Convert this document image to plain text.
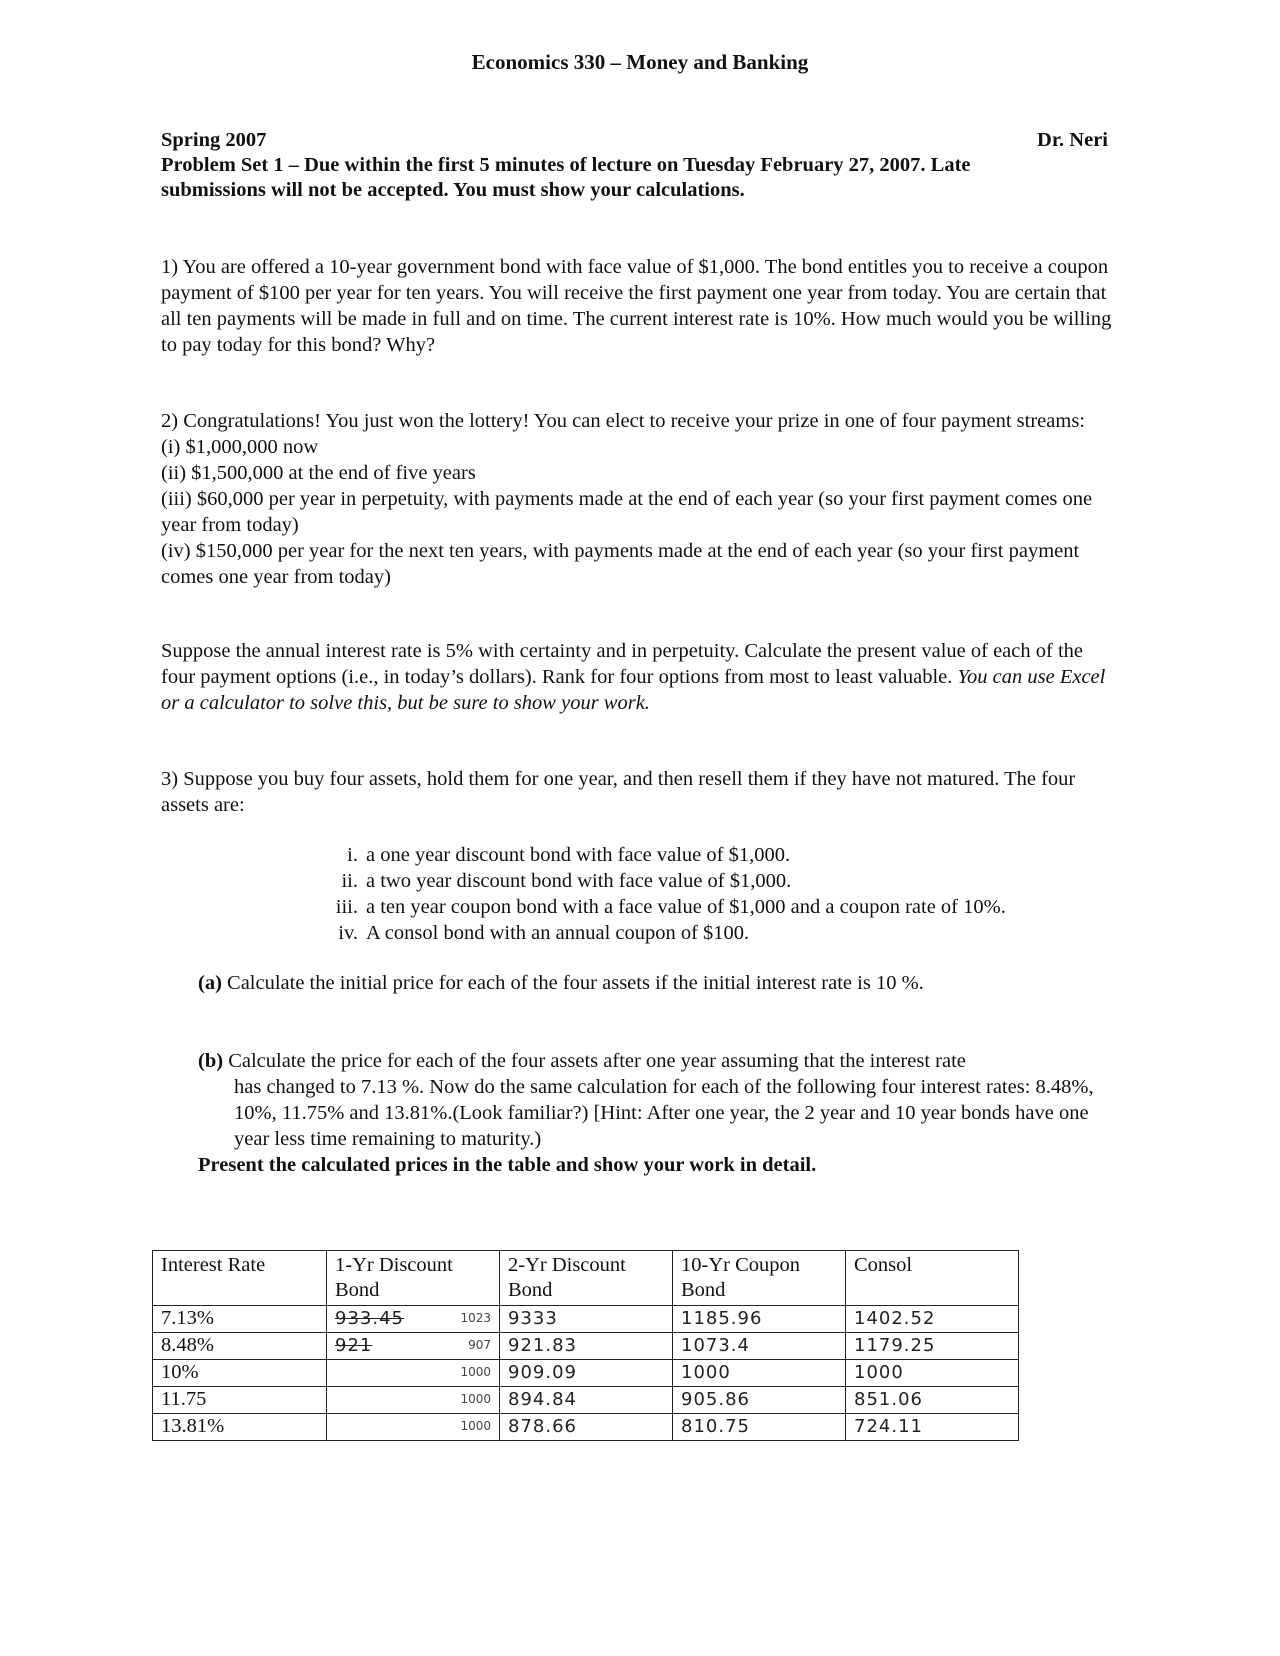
Economics 330 – Money and Banking
Spring 2007	Dr. Neri
Problem Set 1 – Due within the first 5 minutes of lecture on Tuesday February 27, 2007. Late
submissions will not be accepted. You must show your calculations.

1) You are offered a 10-year government bond with face value of $1,000. The bond entitles you to receive a coupon payment of $100 per year for ten years. You will receive the first payment one year from today. You are certain that all ten payments will be made in full and on time. The current interest rate is 10%. How much would you be willing to pay today for this bond? Why?

2) Congratulations! You just won the lottery! You can elect to receive your prize in one of four payment streams:

(i) $1,000,000 now

(ii) $1,500,000 at the end of five years

(iii) $60,000 per year in perpetuity, with payments made at the end of each year (so your first payment comes one year from today)

(iv) $150,000 per year for the next ten years, with payments made at the end of each year (so your first payment comes one year from today)

Suppose the annual interest rate is 5% with certainty and in perpetuity. Calculate the present value of each of the four payment options (i.e., in today’s dollars). Rank for four options from most to least valuable. You can use Excel or a calculator to solve this, but be sure to show your work.

3) Suppose you buy four assets, hold them for one year, and then resell them if they have not matured. The four assets are:

i. a one year discount bond with face value of $1,000.
ii. a two year discount bond with face value of $1,000.
iii. a ten year coupon bond with a face value of $1,000 and a coupon rate of 10%.
iv. A consol bond with an annual coupon of $100.
(a) Calculate the initial price for each of the four assets if the initial interest rate is 10 %.
(b) Calculate the price for each of the four assets after one year assuming that the interest rate
has changed to 7.13 %. Now do the same calculation for each of the following four interest rates: 8.48%, 10%, 11.75% and 13.81%.(Look familiar?) [Hint: After one year, the 2 year and 10 year bonds have one year less time remaining to maturity.)
Present the calculated prices in the table and show your work in detail.
Interest Rate	1-Yr Discount Bond	2-Yr Discount Bond	10-Yr Coupon Bond	Consol
7.13%	933.45 1023	9333	1185.96	1402.52
8.48%	921 907	921.83	1073.4	1179.25
10%	1000	909.09	1000	1000
11.75	1000	894.84	905.86	851.06
13.81%	1000	878.66	810.75	724.11
